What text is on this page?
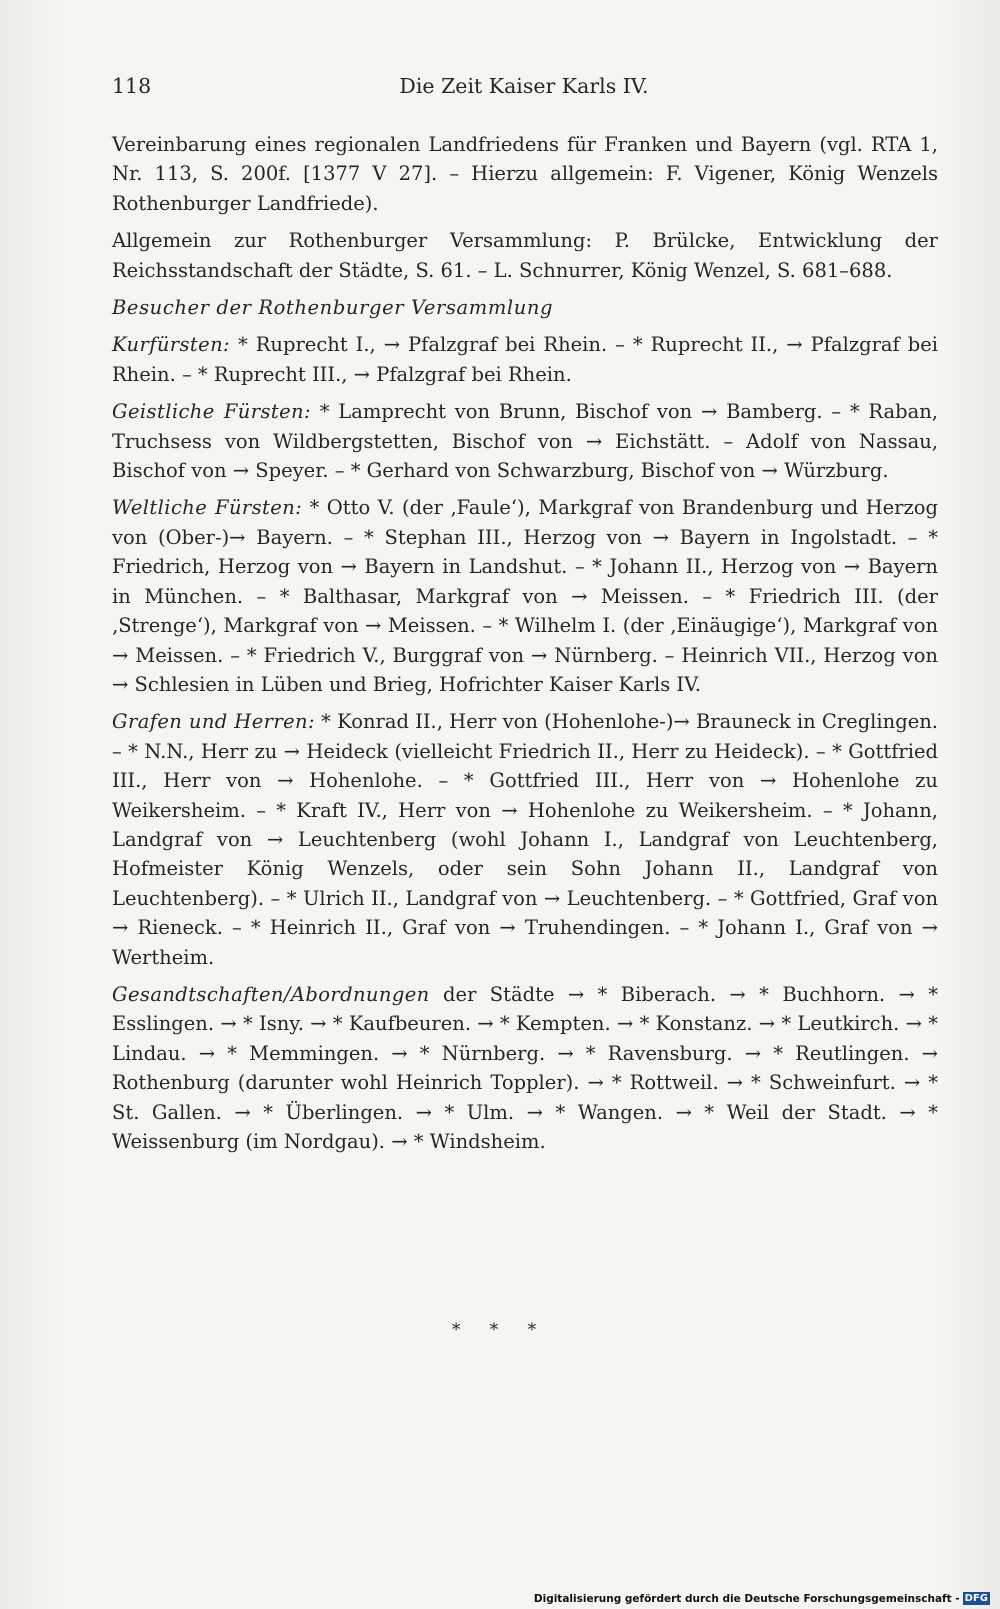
118	Die Zeit Kaiser Karls IV.

Vereinbarung eines regionalen Landfriedens für Franken und Bayern (vgl. RTA 1, Nr. 113, S. 200f. [1377 V 27]. – Hierzu allgemein: F. Vigener, König Wenzels Rothenburger Landfriede).

Allgemein zur Rothenburger Versammlung: P. Brülcke, Entwicklung der Reichsstandschaft der Städte, S. 61. – L. Schnurrer, König Wenzel, S. 681–688.

Besucher der Rothenburger Versammlung

Kurfürsten: * Ruprecht I., → Pfalzgraf bei Rhein. – * Ruprecht II., → Pfalzgraf bei Rhein. – * Ruprecht III., → Pfalzgraf bei Rhein.

Geistliche Fürsten: * Lamprecht von Brunn, Bischof von → Bamberg. – * Raban, Truchsess von Wildbergstetten, Bischof von → Eichstätt. – Adolf von Nassau, Bischof von → Speyer. – * Gerhard von Schwarzburg, Bischof von → Würzburg.

Weltliche Fürsten: * Otto V. (der ‚Faule‘), Markgraf von Brandenburg und Herzog von (Ober-)→ Bayern. – * Stephan III., Herzog von → Bayern in Ingolstadt. – * Friedrich, Herzog von → Bayern in Landshut. – * Johann II., Herzog von → Bayern in München. – * Balthasar, Markgraf von → Meissen. – * Friedrich III. (der ‚Strenge‘), Markgraf von → Meissen. – * Wilhelm I. (der ‚Einäugige‘), Markgraf von → Meissen. – * Friedrich V., Burggraf von → Nürnberg. – Heinrich VII., Herzog von → Schlesien in Lüben und Brieg, Hofrichter Kaiser Karls IV.

Grafen und Herren: * Konrad II., Herr von (Hohenlohe-)→ Brauneck in Creglingen. – * N.N., Herr zu → Heideck (vielleicht Friedrich II., Herr zu Heideck). – * Gottfried III., Herr von → Hohenlohe. – * Gottfried III., Herr von → Hohenlohe zu Weikersheim. – * Kraft IV., Herr von → Hohenlohe zu Weikersheim. – * Johann, Landgraf von → Leuchtenberg (wohl Johann I., Landgraf von Leuchtenberg, Hofmeister König Wenzels, oder sein Sohn Johann II., Landgraf von Leuchtenberg). – * Ulrich II., Landgraf von → Leuchtenberg. – * Gottfried, Graf von → Rieneck. – * Heinrich II., Graf von → Truhendingen. – * Johann I., Graf von → Wertheim.

Gesandtschaften/Abordnungen der Städte → * Biberach. → * Buchhorn. → * Esslingen. → * Isny. → * Kaufbeuren. → * Kempten. → * Konstanz. → * Leutkirch. → * Lindau. → * Memmingen. → * Nürnberg. → * Ravensburg. → * Reutlingen. → Rothenburg (darunter wohl Heinrich Toppler). → * Rottweil. → * Schweinfurt. → * St. Gallen. → * Überlingen. → * Ulm. → * Wangen. → * Weil der Stadt. → * Weissenburg (im Nordgau). → * Windsheim.

* * *
Digitalisierung gefördert durch die Deutsche Forschungsgemeinschaft - DFG
